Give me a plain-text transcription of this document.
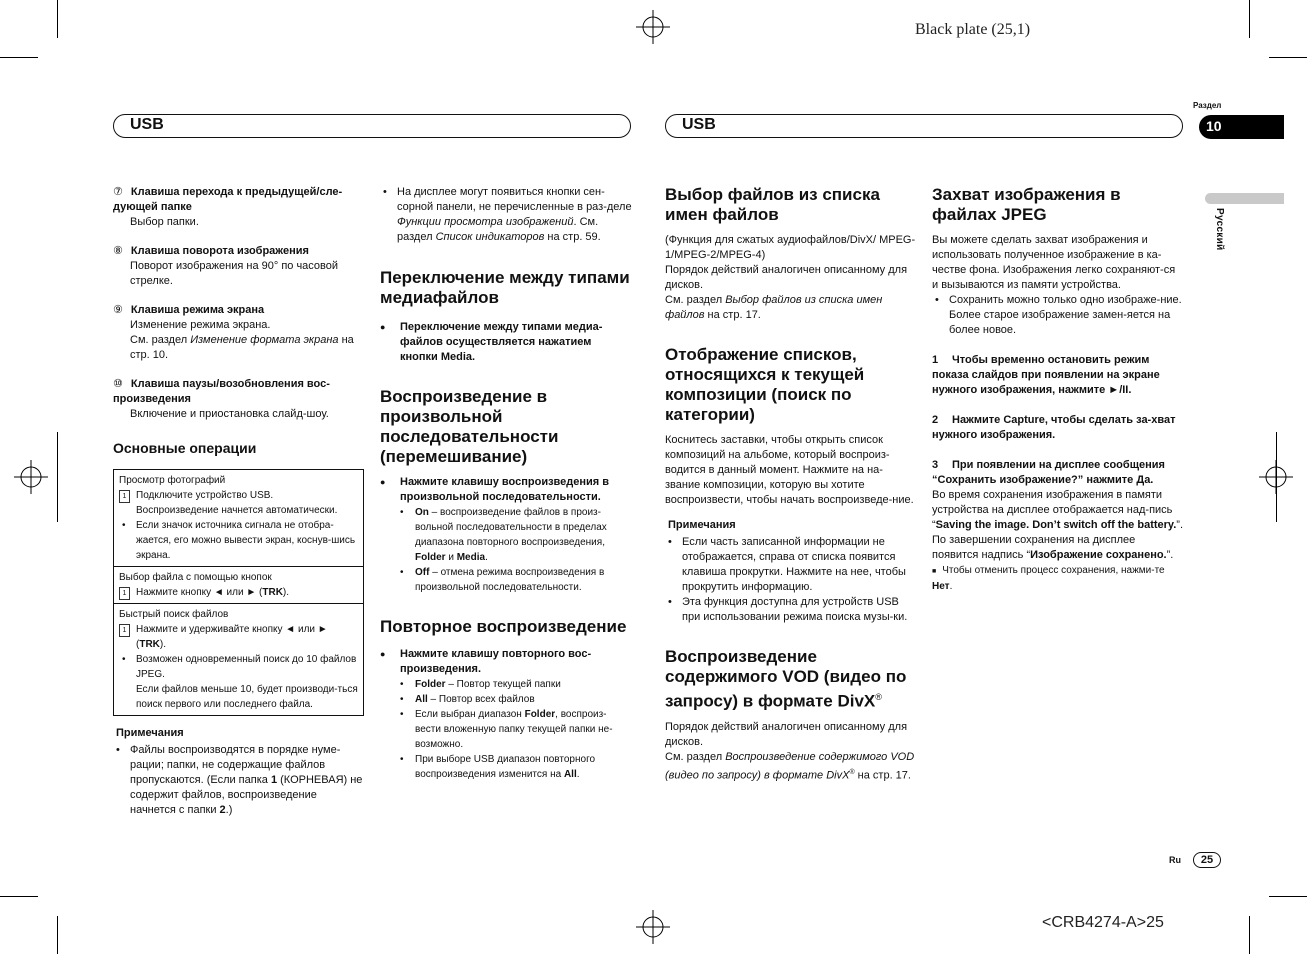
Black plate (25,1)
<CRB4274-A>25
USB	USB
Раздел
10
Русский

⑦ Клавиша перехода к предыдущей/сле-дующей папке

Выбор папки.

⑧ Клавиша поворота изображения

Поворот изображения на 90° по часовой стрелке.

⑨ Клавиша режима экрана

Изменение режима экрана.

См. раздел Изменение формата экрана на стр. 10.

⑩ Клавиша паузы/возобновления вос-произведения

Включение и приостановка слайд-шоу.

Основные операции

Просмотр фотографий
1 Подключите устройство USB.
Воспроизведение начнется автоматически.
• Если значок источника сигнала не отобра-жается, его можно вывести экран, коснув-шись экрана.

Выбор файла с помощью кнопок
1 Нажмите кнопку ◄ или ► (TRK).

Быстрый поиск файлов
1 Нажмите и удерживайте кнопку ◄ или ►
(TRK).
• Возможен одновременный поиск до 10 файлов JPEG.
Если файлов меньше 10, будет производи-ться поиск первого или последнего файла.

Примечания

• Файлы воспроизводятся в порядке нуме-рации; папки, не содержащие файлов пропускаются. (Если папка 1 (КОРНЕВАЯ) не содержит файлов, воспроизведение начнется с папки 2.)

• На дисплее могут появиться кнопки сен-сорной панели, не перечисленные в раз-деле Функции просмотра изображений. См. раздел Список индикаторов на стр. 59.

Переключение между типами медиафайлов

● Переключение между типами медиа-файлов осуществляется нажатием кнопки Media.

Воспроизведение в произвольной последовательности (перемешивание)

● Нажмите клавишу воспроизведения в произвольной последовательности.

• On – воспроизведение файлов в произ-вольной последовательности в пределах диапазона повторного воспроизведения, Folder и Media.

• Off – отмена режима воспроизведения в произвольной последовательности.

Повторное воспроизведение

● Нажмите клавишу повторного вос-произведения.

• Folder – Повтор текущей папки

• All – Повтор всех файлов

• Если выбран диапазон Folder, воспроиз-вести вложенную папку текущей папки не-возможно.

• При выборе USB диапазон повторного воспроизведения изменится на All.

Выбор файлов из списка имен файлов

(Функция для сжатых аудиофайлов/DivX/ MPEG-1/MPEG-2/MPEG-4)

Порядок действий аналогичен описанному для дисков.

См. раздел Выбор файлов из списка имен файлов на стр. 17.

Отображение списков, относящихся к текущей композиции (поиск по категории)

Коснитесь заставки, чтобы открыть список композиций на альбоме, который воспроиз-водится в данный момент. Нажмите на на-звание композиции, которую вы хотите воспроизвести, чтобы начать воспроизведе-ние.

Примечания

• Если часть записанной информации не отображается, справа от списка появится клавиша прокрутки. Нажмите на нее, чтобы прокрутить информацию.

• Эта функция доступна для устройств USB при использовании режима поиска музы-ки.

Воспроизведение содержимого VOD (видео по запросу) в формате DivX®

Порядок действий аналогичен описанному для дисков.

См. раздел Воспроизведение содержимого VOD (видео по запросу) в формате DivX® на стр. 17.

Захват изображения в файлах JPEG

Вы можете сделать захват изображения и использовать полученное изображение в ка-честве фона. Изображения легко сохраняют-ся и вызываются из памяти устройства.

• Сохранить можно только одно изображе-ние. Более старое изображение замен-яется на более новое.

1 Чтобы временно остановить режим показа слайдов при появлении на экране нужного изображения, нажмите ►/II.

2 Нажмите Capture, чтобы сделать за-хват нужного изображения.

3 При появлении на дисплее сообщения “Сохранить изображение?” нажмите Да.

Во время сохранения изображения в памяти устройства на дисплее отображается над-пись “Saving the image. Don’t switch off the battery.”. По завершении сохранения на дисплее появится надпись “Изображение сохранено.”.

■ Чтобы отменить процесс сохранения, нажми-те Нет.

Ru	25
